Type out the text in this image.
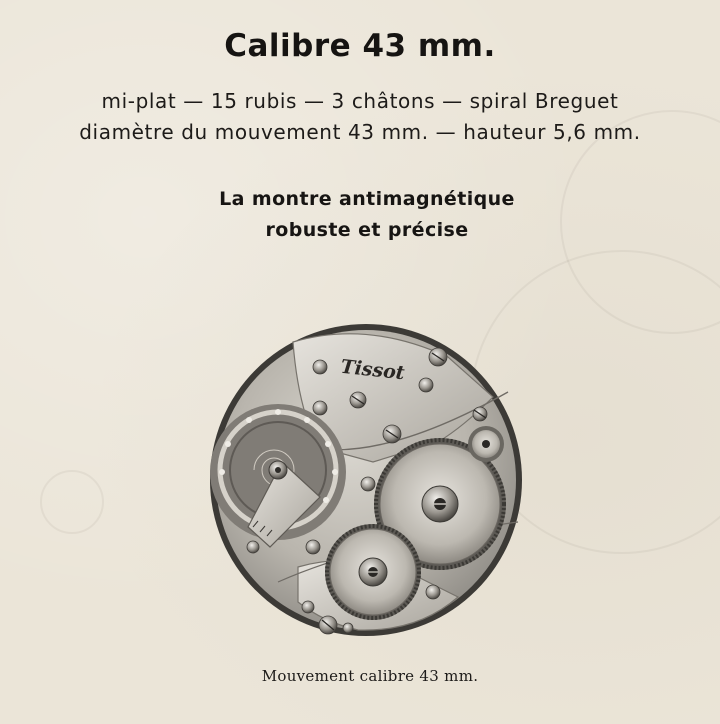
Calibre 43 mm.
mi-plat — 15 rubis — 3 châtons — spiral Breguet
diamètre du mouvement 43 mm. — hauteur 5,6 mm.
La montre antimagnétique
robuste et précise
Tissot
Mouvement calibre 43 mm.
